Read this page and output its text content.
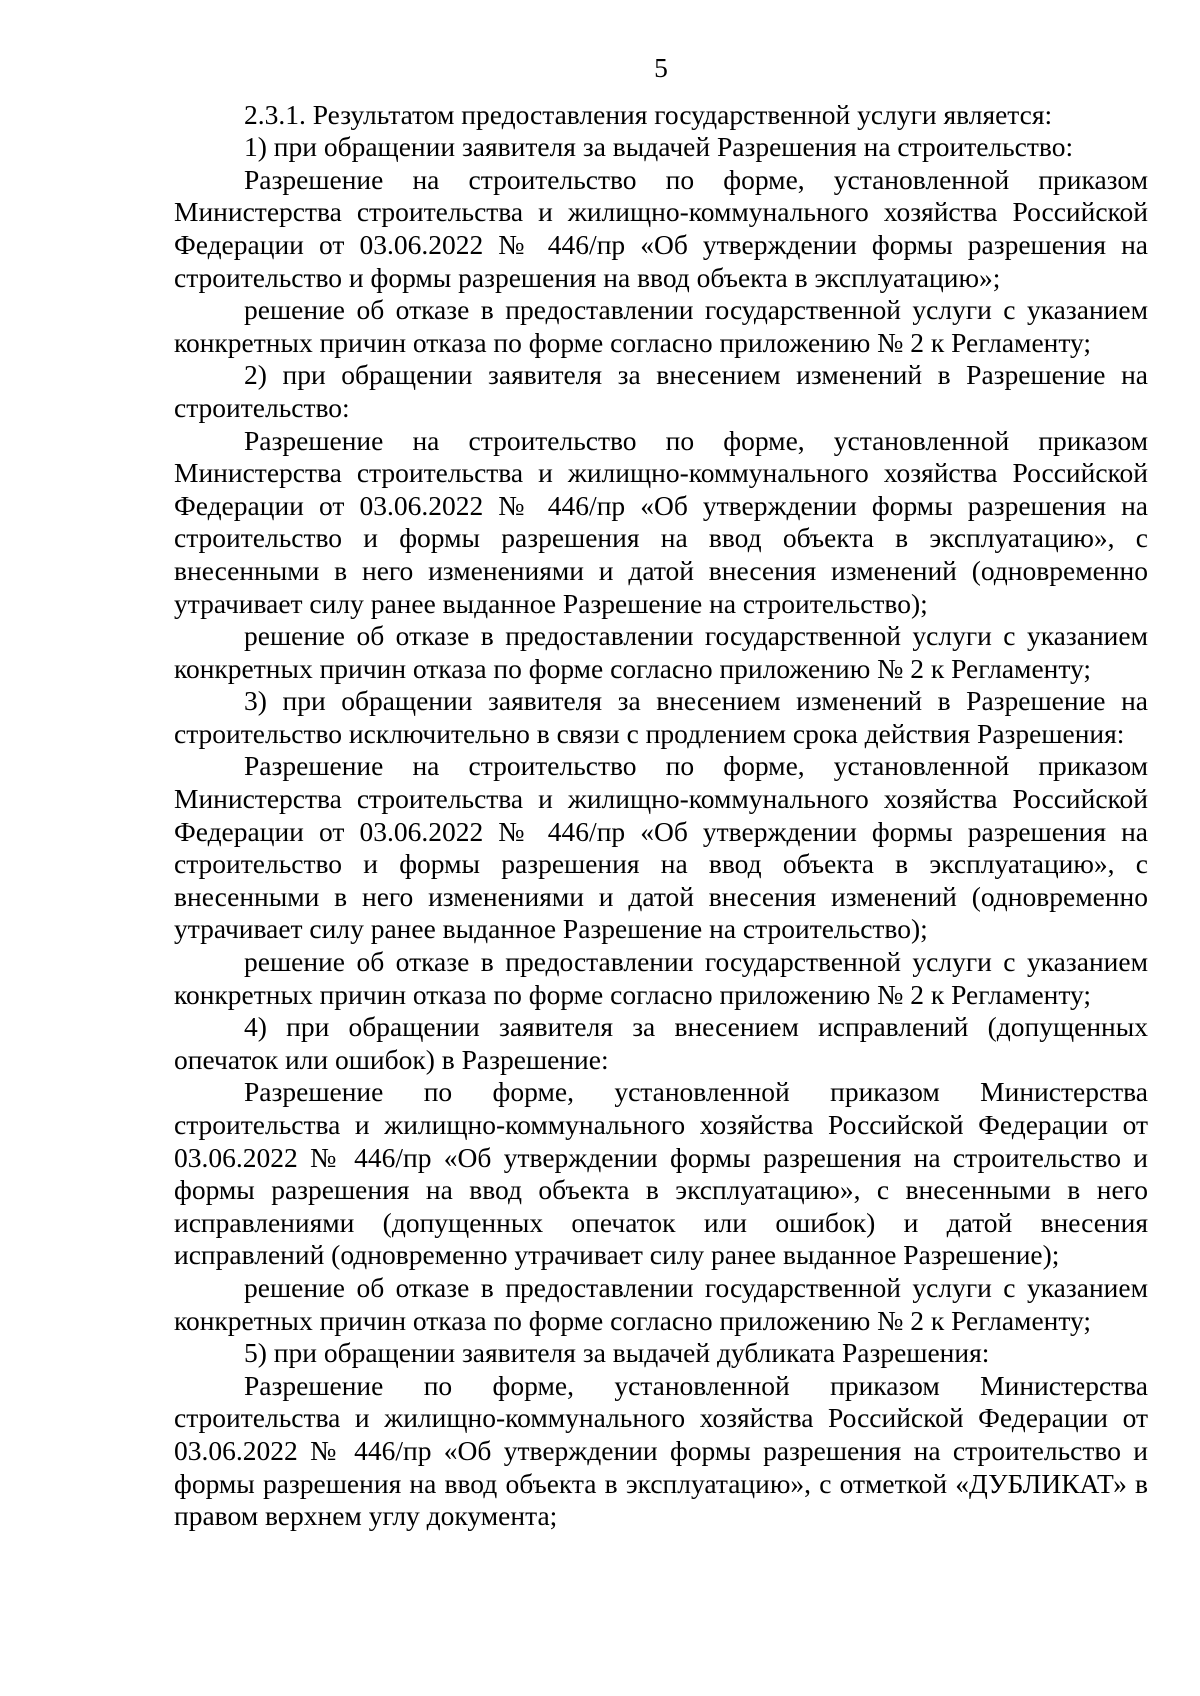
5

2.3.1. Результатом предоставления государственной услуги является:

1) при обращении заявителя за выдачей Разрешения на строительство:

Разрешение на строительство по форме, установленной приказом Министерства строительства и жилищно-коммунального хозяйства Российской Федерации от 03.06.2022 № 446/пр «Об утверждении формы разрешения на строительство и формы разрешения на ввод объекта в эксплуатацию»;

решение об отказе в предоставлении государственной услуги с указанием конкретных причин отказа по форме согласно приложению № 2 к Регламенту;

2) при обращении заявителя за внесением изменений в Разрешение на строительство:

Разрешение на строительство по форме, установленной приказом Министерства строительства и жилищно-коммунального хозяйства Российской Федерации от 03.06.2022 № 446/пр «Об утверждении формы разрешения на строительство и формы разрешения на ввод объекта в эксплуатацию», с внесенными в него изменениями и датой внесения изменений (одновременно утрачивает силу ранее выданное Разрешение на строительство);

решение об отказе в предоставлении государственной услуги с указанием конкретных причин отказа по форме согласно приложению № 2 к Регламенту;

3) при обращении заявителя за внесением изменений в Разрешение на строительство исключительно в связи с продлением срока действия Разрешения:

Разрешение на строительство по форме, установленной приказом Министерства строительства и жилищно-коммунального хозяйства Российской Федерации от 03.06.2022 № 446/пр «Об утверждении формы разрешения на строительство и формы разрешения на ввод объекта в эксплуатацию», с внесенными в него изменениями и датой внесения изменений (одновременно утрачивает силу ранее выданное Разрешение на строительство);

решение об отказе в предоставлении государственной услуги с указанием конкретных причин отказа по форме согласно приложению № 2 к Регламенту;

4) при обращении заявителя за внесением исправлений (допущенных опечаток или ошибок) в Разрешение:

Разрешение по форме, установленной приказом Министерства строительства и жилищно-коммунального хозяйства Российской Федерации от 03.06.2022 № 446/пр «Об утверждении формы разрешения на строительство и формы разрешения на ввод объекта в эксплуатацию», с внесенными в него исправлениями (допущенных опечаток или ошибок) и датой внесения исправлений (одновременно утрачивает силу ранее выданное Разрешение);

решение об отказе в предоставлении государственной услуги с указанием конкретных причин отказа по форме согласно приложению № 2 к Регламенту;

5) при обращении заявителя за выдачей дубликата Разрешения:

Разрешение по форме, установленной приказом Министерства строительства и жилищно-коммунального хозяйства Российской Федерации от 03.06.2022 № 446/пр «Об утверждении формы разрешения на строительство и формы разрешения на ввод объекта в эксплуатацию», с отметкой «ДУБЛИКАТ» в правом верхнем углу документа;
